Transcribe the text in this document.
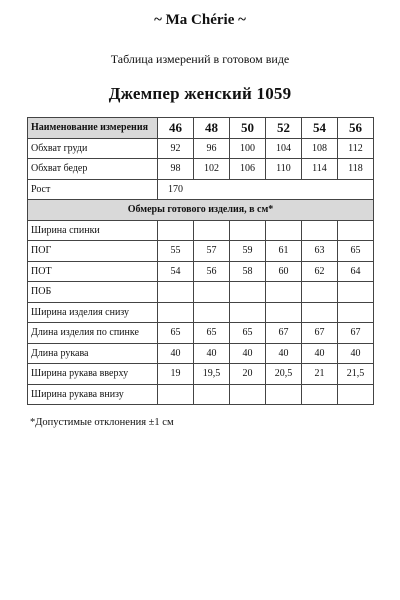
~ Ma Chérie ~
Таблица измерений в готовом виде
Джемпер женский 1059
Наименование измерения	46	48	50	52	54	56
Обхват груди	92	96	100	104	108	112
Обхват бедер	98	102	106	110	114	118
Рост	170					
Обмеры готового изделия, в см*						
Ширина спинки						
ПОГ	55	57	59	61	63	65
ПОТ	54	56	58	60	62	64
ПОБ						
Ширина изделия снизу						
Длина изделия по спинке	65	65	65	67	67	67
Длина рукава	40	40	40	40	40	40
Ширина рукава вверху	19	19,5	20	20,5	21	21,5
Ширина рукава внизу						
*Допустимые отклонения ±1 см
